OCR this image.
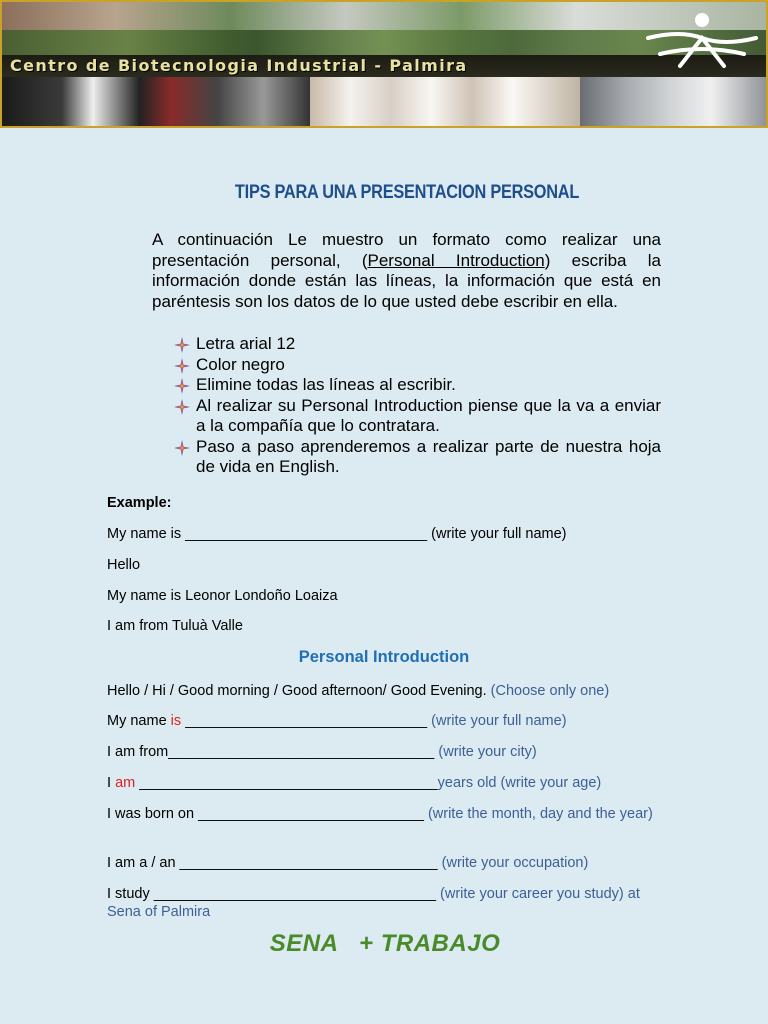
Centro de Biotecnologia Industrial - Palmira
TIPS PARA UNA PRESENTACION PERSONAL
A continuación Le muestro un formato como realizar una presentación personal, (Personal Introduction) escriba la información donde están las líneas, la información que está en paréntesis son los datos de lo que usted debe escribir en ella.
Letra arial 12
Color negro
Elimine todas las líneas al escribir.
Al realizar su Personal Introduction piense que la va a enviar a la compañía que lo contratara.
Paso a paso aprenderemos a realizar parte de nuestra hoja de vida en English.
Example:
My name is ______________________________ (write your full name)
Hello
My name is Leonor Londoño Loaiza
I am from Tuluà Valle
Personal Introduction
Hello / Hi / Good morning / Good afternoon/ Good Evening. (Choose only one)
My name is ______________________________ (write your full name)
I am from_________________________________ (write your city)
I am _____________________________________years old (write your age)
I was born on ____________________________ (write the month, day and the year)
I am a / an ________________________________ (write your occupation)
I study ___________________________________ (write your career you study) at Sena of Palmira
SENA   + TRABAJO
